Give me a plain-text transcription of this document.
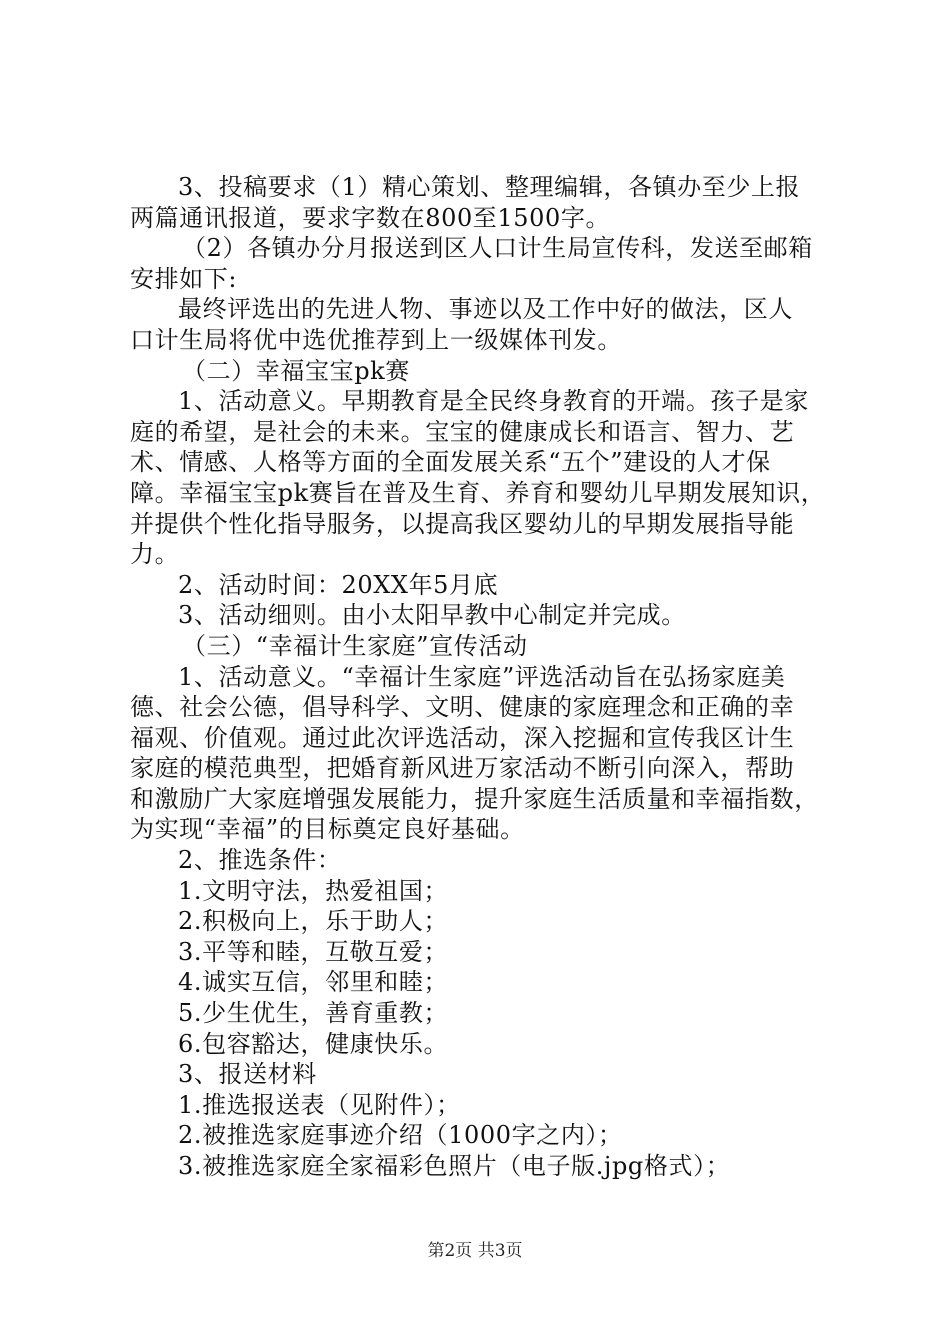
3、投稿要求（1）精心策划、整理编辑，各镇办至少上报
两篇通讯报道，要求字数在800至1500字。
（2）各镇办分月报送到区人口计生局宣传科，发送至邮箱
安排如下:
最终评选出的先进人物、事迹以及工作中好的做法，区人
口计生局将优中选优推荐到上一级媒体刊发。
（二）幸福宝宝pk赛
1、活动意义。早期教育是全民终身教育的开端。孩子是家
庭的希望，是社会的未来。宝宝的健康成长和语言、智力、艺
术、情感、人格等方面的全面发展关系“五个”建设的人才保
障。幸福宝宝pk赛旨在普及生育、养育和婴幼儿早期发展知识，
并提供个性化指导服务，以提高我区婴幼儿的早期发展指导能
力。
2、活动时间：20XX年5月底
3、活动细则。由小太阳早教中心制定并完成。
（三）“幸福计生家庭”宣传活动
1、活动意义。“幸福计生家庭”评选活动旨在弘扬家庭美
德、社会公德，倡导科学、文明、健康的家庭理念和正确的幸
福观、价值观。通过此次评选活动，深入挖掘和宣传我区计生
家庭的模范典型，把婚育新风进万家活动不断引向深入，帮助
和激励广大家庭增强发展能力，提升家庭生活质量和幸福指数，
为实现“幸福”的目标奠定良好基础。
2、推选条件：
1.文明守法，热爱祖国；
2.积极向上，乐于助人；
3.平等和睦，互敬互爱；
4.诚实互信，邻里和睦；
5.少生优生，善育重教；
6.包容豁达，健康快乐。
3、报送材料
1.推选报送表（见附件）；
2.被推选家庭事迹介绍（1000字之内）；
3.被推选家庭全家福彩色照片（电子版.jpg格式）；
第2页 共3页
